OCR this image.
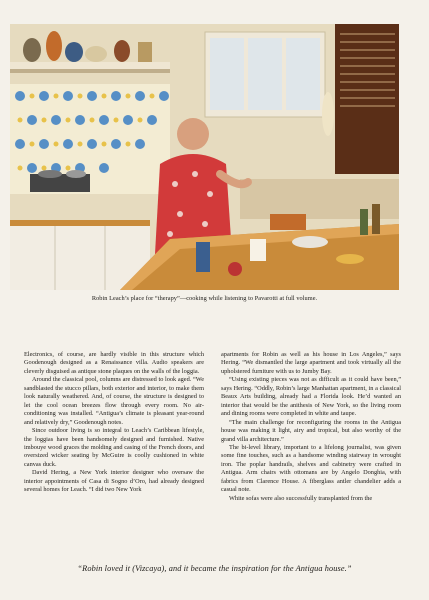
Robin Leach’s place for “therapy”—cooking while listening to Pavarotti at full volume.

Electronics, of course, are hardly visible in this structure which Goodenough designed as a Renaissance villa. Audio speakers are cleverly disguised as antique stone plaques on the walls of the loggia.

Around the classical pool, columns are distressed to look aged. “We sandblasted the stucco pillars, both exterior and interior, to make them look naturally weathered. And, of course, the structure is designed to let the cool ocean breezes flow through every room. No air-conditioning was installed. “Antigua’s climate is pleasant year-round and relatively dry,” Goodenough notes.

Since outdoor living is so integral to Leach’s Caribbean lifestyle, the loggias have been handsomely designed and furnished. Native imbouye wood graces the molding and casing of the French doors, and oversized wicker seating by McGuire is coolly cushioned in white canvas duck.

David Hering, a New York interior designer who oversaw the interior appointments of Casa di Sogno d’Oro, had already designed several homes for Leach. “I did two New York

apartments for Robin as well as his house in Los Angeles,” says Hering. “We dismantled the large apartment and took virtually all the upholstered furniture with us to Jumby Bay.

“Using existing pieces was not as difficult as it could have been,” says Hering. “Oddly, Robin’s large Manhattan apartment, in a classical Beaux Arts building, already had a Florida look. He’d wanted an interior that would be the anithesis of New York, so the living room and dining rooms were completed in white and taupe.

“The main challenge for reconfiguring the rooms in the Antigua house was making it light, airy and tropical, but also worthy of the grand villa architecture.”

The bi-level library, important to a lifelong journalist, was given some fine touches, such as a handsome winding stairway in wrought iron. The poplar handrails, shelves and cabinetry were crafted in Antigua. Arm chairs with ottomans are by Angelo Donghia, with fabrics from Clarence House. A fiberglass antler chandelier adds a casual note.

White sofas were also successfully transplanted from the

“Robin loved it (Vizcaya), and it became the inspiration for the Antigua house.”
